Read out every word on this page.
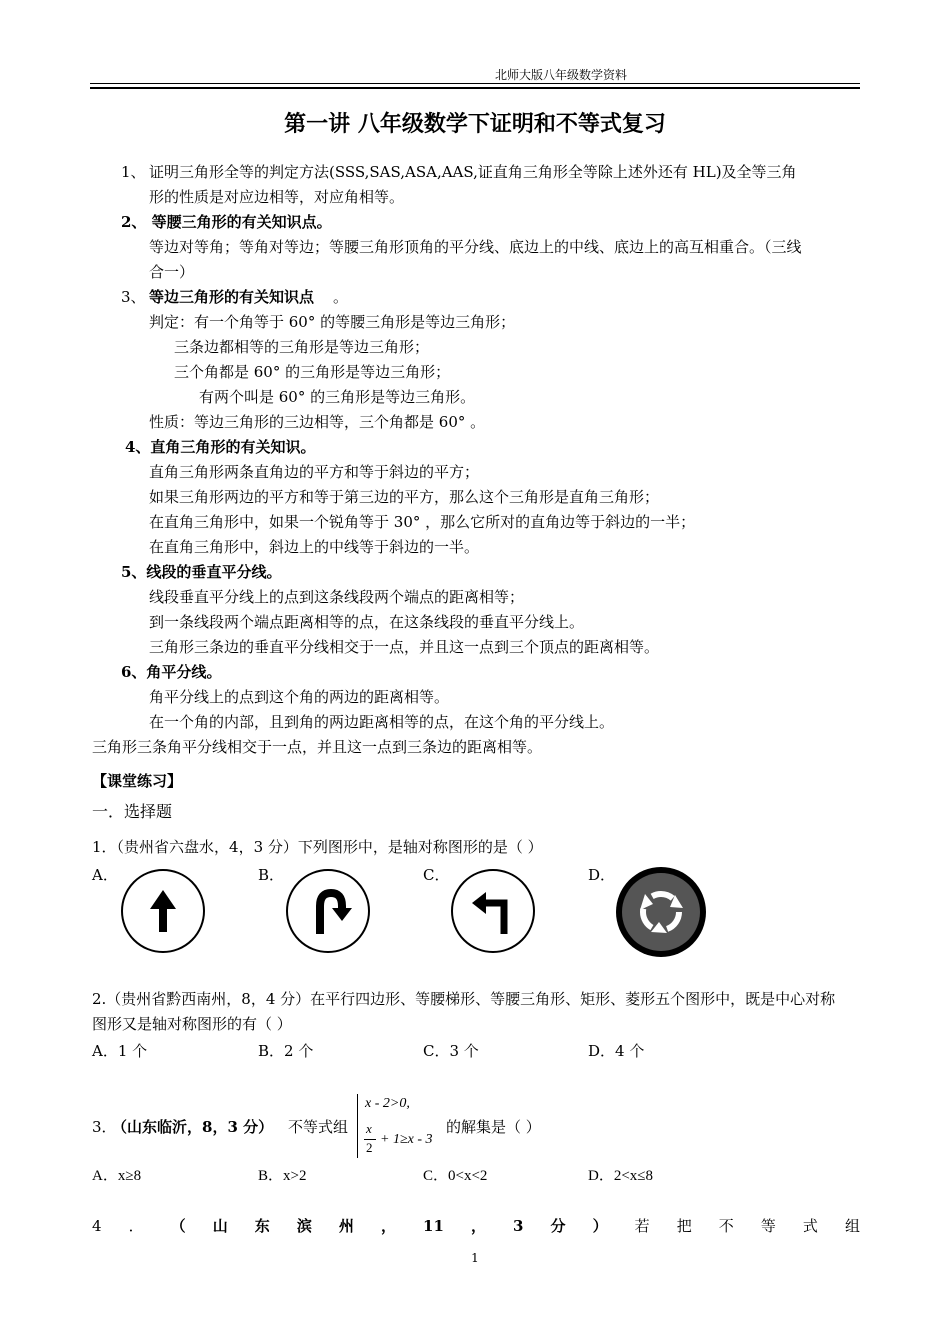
北师大版八年级数学资料
第一讲 八年级数学下证明和不等式复习
1、 证明三角形全等的判定方法(SSS,SAS,ASA,AAS,证直角三角形全等除上述外还有 HL)及全等三角
形的性质是对应边相等，对应角相等。
2、 等腰三角形的有关知识点。
等边对等角；等角对等边；等腰三角形顶角的平分线、底边上的中线、底边上的高互相重合。（三线
合一）
3、 等边三角形的有关知识点 。
判定：有一个角等于 60° 的等腰三角形是等边三角形；
三条边都相等的三角形是等边三角形；
三个角都是 60° 的三角形是等边三角形；
有两个叫是 60° 的三角形是等边三角形。
性质：等边三角形的三边相等，三个角都是 60° 。
4、直角三角形的有关知识。
直角三角形两条直角边的平方和等于斜边的平方；
如果三角形两边的平方和等于第三边的平方，那么这个三角形是直角三角形；
在直角三角形中，如果一个锐角等于 30° ，那么它所对的直角边等于斜边的一半；
在直角三角形中，斜边上的中线等于斜边的一半。
5、线段的垂直平分线。
线段垂直平分线上的点到这条线段两个端点的距离相等；
到一条线段两个端点距离相等的点，在这条线段的垂直平分线上。
三角形三条边的垂直平分线相交于一点，并且这一点到三个顶点的距离相等。
6、角平分线。
角平分线上的点到这个角的两边的距离相等。
在一个角的内部，且到角的两边距离相等的点，在这个角的平分线上。
三角形三条角平分线相交于一点，并且这一点到三条边的距离相等。
【课堂练习】
一．选择题
1．（贵州省六盘水，4，3 分）下列图形中，是轴对称图形的是（ ）
A．	B．	C．	D．
2.（贵州省黔西南州，8，4 分）在平行四边形、等腰梯形、等腰三角形、矩形、菱形五个图形中，既是中心对称
图形又是轴对称图形的有（ ）
A．1 个	B．2 个	C．3 个	D．4 个
3．
（山东临沂，8，3 分） 不等式组
x - 2>0,
x
2
+ 1≥x - 3
的解集是（ ）
A．x≥8	B．x>2	C．0<x<2	D．2<x≤8
4 ． （ 山 东 滨 州 ， 11 ， 3 分 ） 若 把 不 等 式 组
1
